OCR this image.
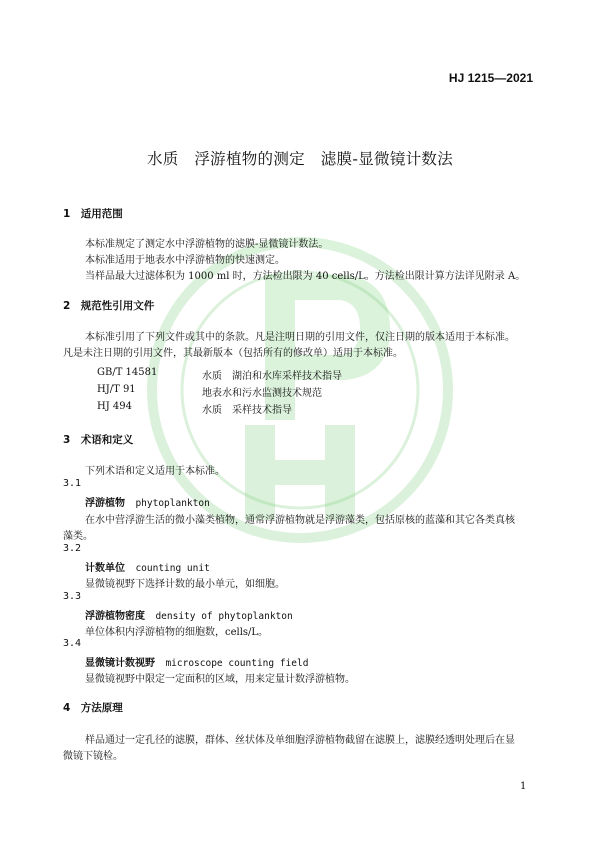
HJ 1215—2021
水质　浮游植物的测定　滤膜-显微镜计数法
1　适用范围
本标准规定了测定水中浮游植物的滤膜-显微镜计数法。
本标准适用于地表水中浮游植物的快速测定。
当样品最大过滤体积为 1000 ml 时，方法检出限为 40 cells/L。方法检出限计算方法详见附录 A。
2　规范性引用文件
本标准引用了下列文件或其中的条款。凡是注明日期的引用文件，仅注日期的版本适用于本标准。
凡是未注日期的引用文件，其最新版本（包括所有的修改单）适用于本标准。
GB/T 14581	水质　湖泊和水库采样技术指导
HJ/T 91	地表水和污水监测技术规范
HJ 494	水质　采样技术指导
3　术语和定义
下列术语和定义适用于本标准。
3.1
浮游植物 phytoplankton
在水中营浮游生活的微小藻类植物，通常浮游植物就是浮游藻类，包括原核的蓝藻和其它各类真核
藻类。
3.2
计数单位 counting unit
显微镜视野下选择计数的最小单元，如细胞。
3.3
浮游植物密度 density of phytoplankton
单位体积内浮游植物的细胞数，cells/L。
3.4
显微镜计数视野 microscope counting field
显微镜视野中限定一定面积的区域，用来定量计数浮游植物。
4　方法原理
样品通过一定孔径的滤膜，群体、丝状体及单细胞浮游植物截留在滤膜上，滤膜经透明处理后在显
微镜下镜检。
1
